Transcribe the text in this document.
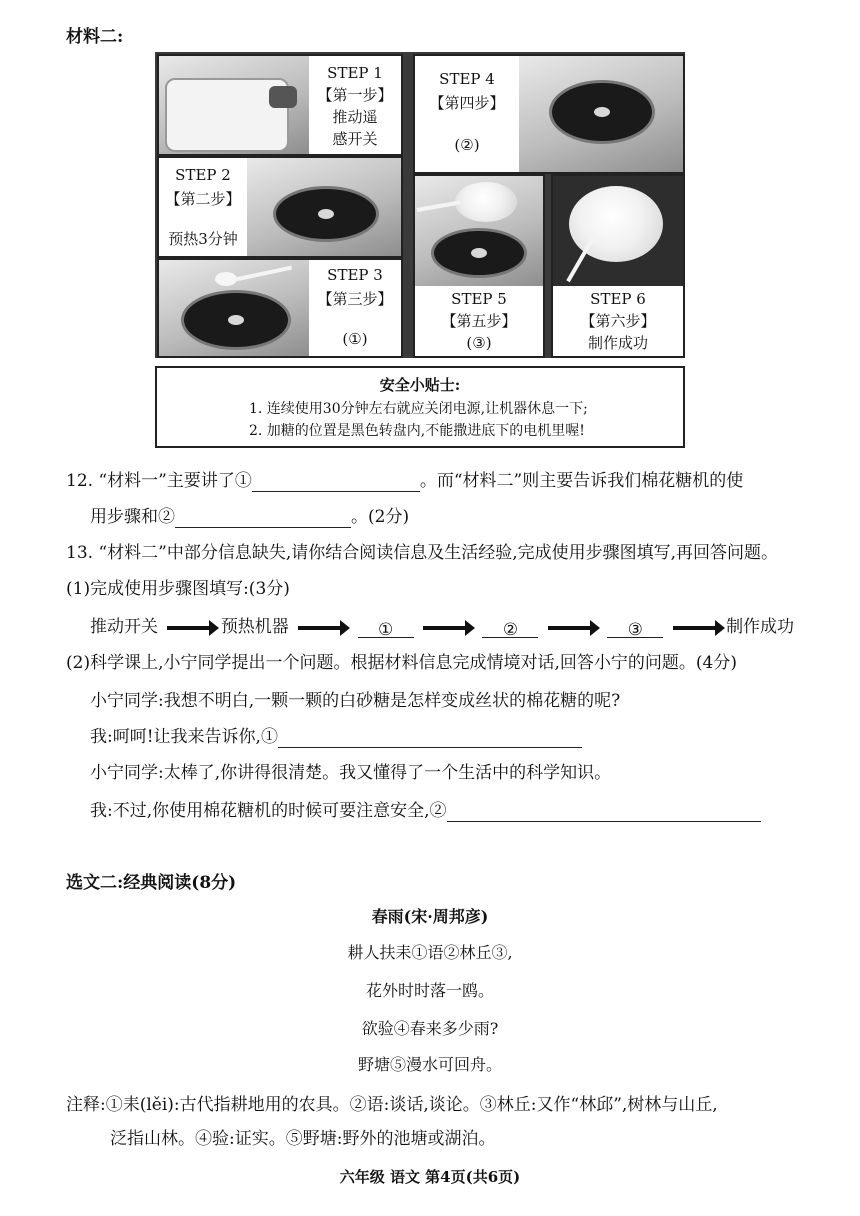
材料二:
STEP 1
【第一步】
推动遥
感开关
STEP 4
【第四步】
(②)
STEP 2
【第二步】
预热3分钟
STEP 3
【第三步】
(①)
STEP 5
【第五步】
(③)
STEP 6
【第六步】
制作成功
安全小贴士:
1. 连续使用30分钟左右就应关闭电源,让机器休息一下;
2. 加糖的位置是黑色转盘内,不能撒进底下的电机里喔!
12. “材料一”主要讲了①	。而“材料二”则主要告诉我们棉花糖机的使
用步骤和②	。(2分)
13. “材料二”中部分信息缺失,请你结合阅读信息及生活经验,完成使用步骤图填写,再回答问题。
(1)完成使用步骤图填写:(3分)
推动开关	预热机器	①	②	③	制作成功
(2)科学课上,小宁同学提出一个问题。根据材料信息完成情境对话,回答小宁的问题。(4分)
小宁同学:我想不明白,一颗一颗的白砂糖是怎样变成丝状的棉花糖的呢?
我:呵呵!让我来告诉你,①
小宁同学:太棒了,你讲得很清楚。我又懂得了一个生活中的科学知识。
我:不过,你使用棉花糖机的时候可要注意安全,②
选文二:经典阅读(8分)
春雨(宋·周邦彦)
耕人扶耒①语②林丘③,
花外时时落一鸥。
欲验④春来多少雨?
野塘⑤漫水可回舟。
注释:①耒(lěi):古代指耕地用的农具。②语:谈话,谈论。③林丘:又作“林邱”,树林与山丘,
泛指山林。④验:证实。⑤野塘:野外的池塘或湖泊。
六年级 语文 第4页(共6页)
